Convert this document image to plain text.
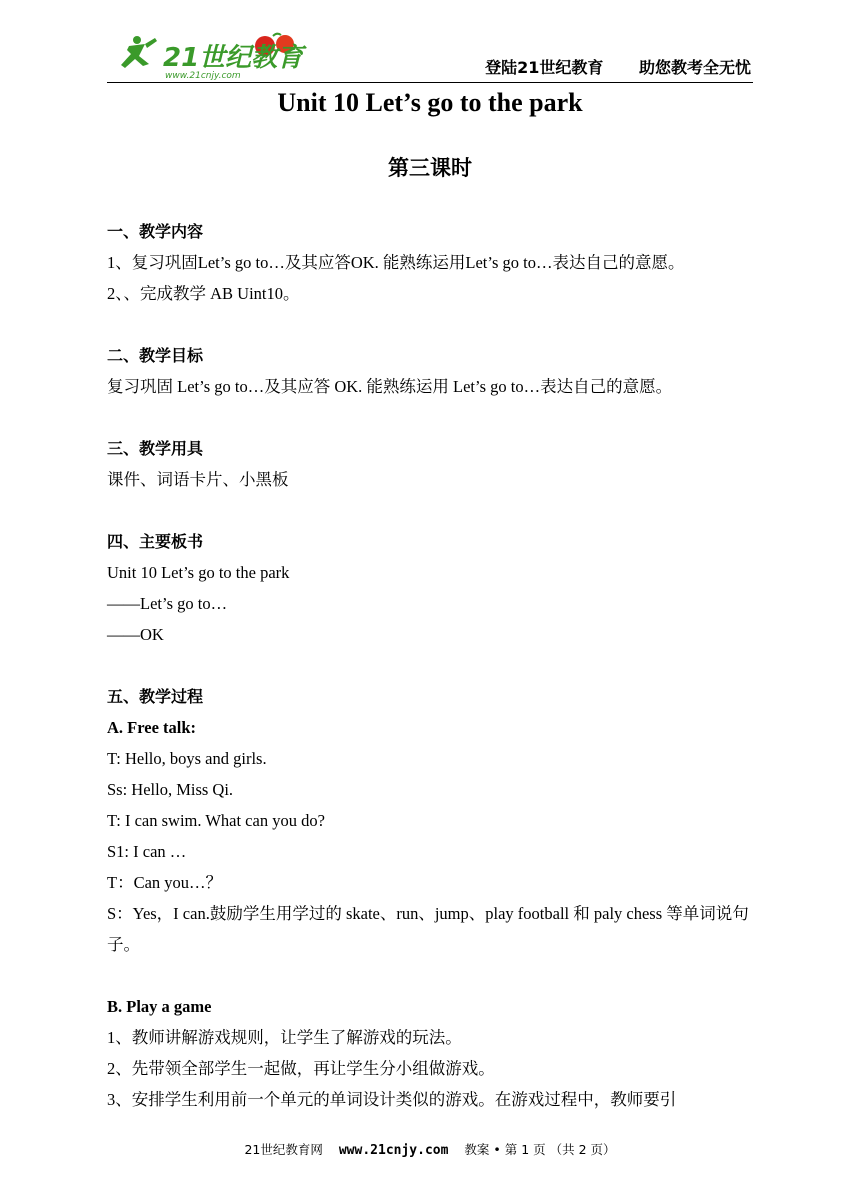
21世纪教育
www.21cnjy.com	登陆21世纪教育 助您教考全无忧
Unit 10 Let’s go to the park
第三课时
一、教学内容
1、复习巩固Let’s go to…及其应答OK. 能熟练运用Let’s go to…表达自己的意愿。
2、、完成教学 AB Uint10。
二、教学目标
复习巩固 Let’s go to…及其应答 OK. 能熟练运用 Let’s go to…表达自己的意愿。
三、教学用具
课件、词语卡片、小黑板
四、主要板书
Unit 10 Let’s go to the park
——Let’s go to…
——OK
五、教学过程
A. Free talk:
T: Hello, boys and girls.
Ss: Hello, Miss Qi.
T: I can swim. What can you do?
S1: I can …
T：Can you…？
S：Yes，I can.鼓励学生用学过的 skate、run、jump、play football 和 paly chess 等单词说句子。
B. Play a game
1、教师讲解游戏规则，让学生了解游戏的玩法。
2、先带领全部学生一起做，再让学生分小组做游戏。
3、安排学生利用前一个单元的单词设计类似的游戏。在游戏过程中，教师要引
21世纪教育网 www.21cnjy.com 教案 • 第 1 页 （共 2 页）
